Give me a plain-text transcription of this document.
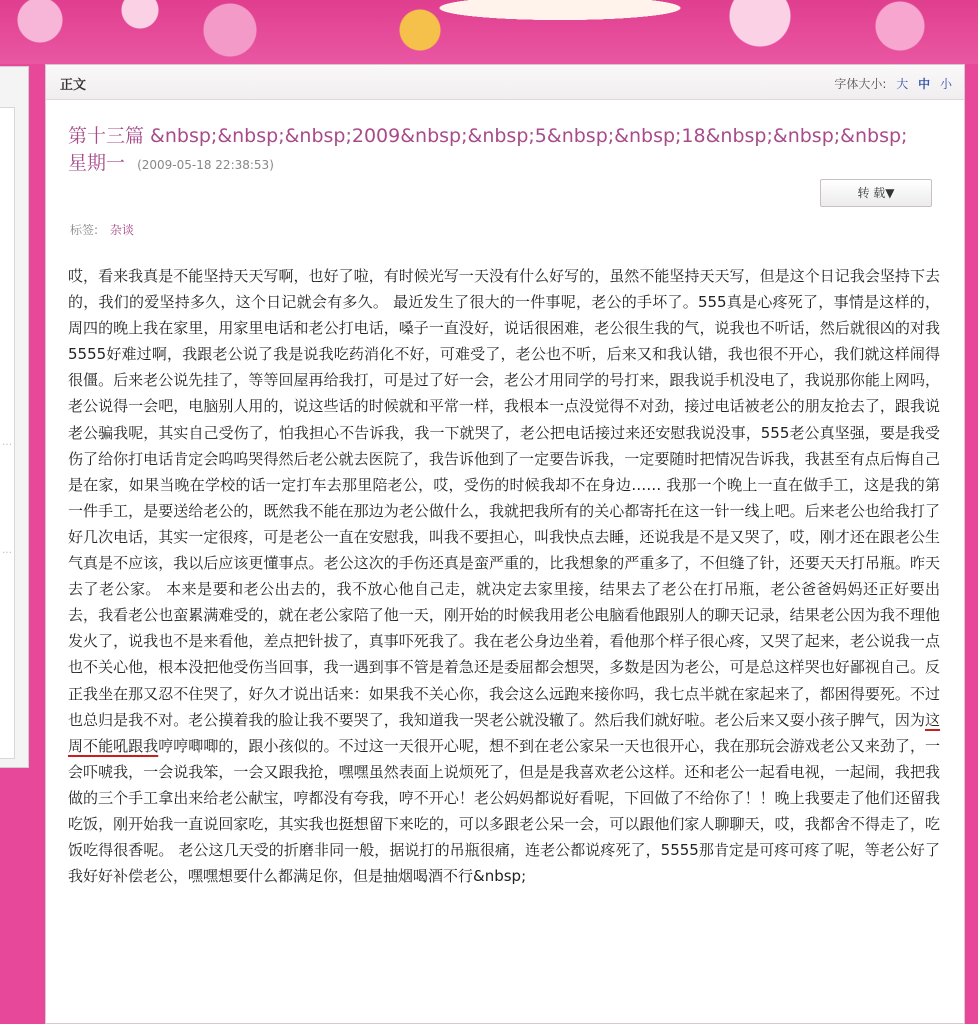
…
…
正文	字体大小: 大 中 小
第十三篇 &nbsp;&nbsp;&nbsp;2009&nbsp;&nbsp;5&nbsp;&nbsp;18&nbsp;&nbsp;&nbsp;星期一 (2009-05-18 22:38:53)
转 载▼
标签: 杂谈
哎，看来我真是不能坚持天天写啊，也好了啦，有时候光写一天没有什么好写的，虽然不能坚持天天写，但是这个日记我会坚持下去的，我们的爱坚持多久，这个日记就会有多久。 最近发生了很大的一件事呢，老公的手坏了。555真是心疼死了，事情是这样的，周四的晚上我在家里，用家里电话和老公打电话，嗓子一直没好，说话很困难，老公很生我的气，说我也不听话，然后就很凶的对我5555好难过啊，我跟老公说了我是说我吃药消化不好，可难受了，老公也不听，后来又和我认错，我也很不开心，我们就这样闹得很僵。后来老公说先挂了，等等回屋再给我打，可是过了好一会，老公才用同学的号打来，跟我说手机没电了，我说那你能上网吗，老公说得一会吧，电脑别人用的，说这些话的时候就和平常一样，我根本一点没觉得不对劲，接过电话被老公的朋友抢去了，跟我说老公骗我呢，其实自己受伤了，怕我担心不告诉我，我一下就哭了，老公把电话接过来还安慰我说没事，555老公真坚强，要是我受伤了给你打电话肯定会呜呜哭得然后老公就去医院了，我告诉他到了一定要告诉我，一定要随时把情况告诉我，我甚至有点后悔自己是在家，如果当晚在学校的话一定打车去那里陪老公，哎，受伤的时候我却不在身边…… 我那一个晚上一直在做手工，这是我的第一件手工，是要送给老公的，既然我不能在那边为老公做什么，我就把我所有的关心都寄托在这一针一线上吧。后来老公也给我打了好几次电话，其实一定很疼，可是老公一直在安慰我，叫我不要担心，叫我快点去睡，还说我是不是又哭了，哎，刚才还在跟老公生气真是不应该，我以后应该更懂事点。老公这次的手伤还真是蛮严重的，比我想象的严重多了，不但缝了针，还要天天打吊瓶。昨天去了老公家。 本来是要和老公出去的，我不放心他自己走，就决定去家里接，结果去了老公在打吊瓶，老公爸爸妈妈还正好要出去，我看老公也蛮累满难受的，就在老公家陪了他一天，刚开始的时候我用老公电脑看他跟别人的聊天记录，结果老公因为我不理他发火了，说我也不是来看他，差点把针拔了，真事吓死我了。我在老公身边坐着，看他那个样子很心疼，又哭了起来，老公说我一点也不关心他，根本没把他受伤当回事，我一遇到事不管是着急还是委屈都会想哭，多数是因为老公，可是总这样哭也好鄙视自己。反正我坐在那又忍不住哭了，好久才说出话来：如果我不关心你，我会这么远跑来接你吗，我七点半就在家起来了，都困得要死。不过也总归是我不对。老公摸着我的脸让我不要哭了，我知道我一哭老公就没辙了。然后我们就好啦。老公后来又耍小孩子脾气，因为这周不能吼跟我哼哼唧唧的，跟小孩似的。不过这一天很开心呢，想不到在老公家呆一天也很开心，我在那玩会游戏老公又来劲了，一会吓唬我，一会说我笨，一会又跟我抢，嘿嘿虽然表面上说烦死了，但是是我喜欢老公这样。还和老公一起看电视，一起闹，我把我做的三个手工拿出来给老公献宝，哼都没有夸我，哼不开心！老公妈妈都说好看呢，下回做了不给你了！！晚上我要走了他们还留我吃饭，刚开始我一直说回家吃，其实我也挺想留下来吃的，可以多跟老公呆一会，可以跟他们家人聊聊天，哎，我都舍不得走了，吃饭吃得很香呢。 老公这几天受的折磨非同一般，据说打的吊瓶很痛，连老公都说疼死了，5555那肯定是可疼可疼了呢，等老公好了我好好补偿老公，嘿嘿想要什么都满足你，但是抽烟喝酒不行&nbsp;
